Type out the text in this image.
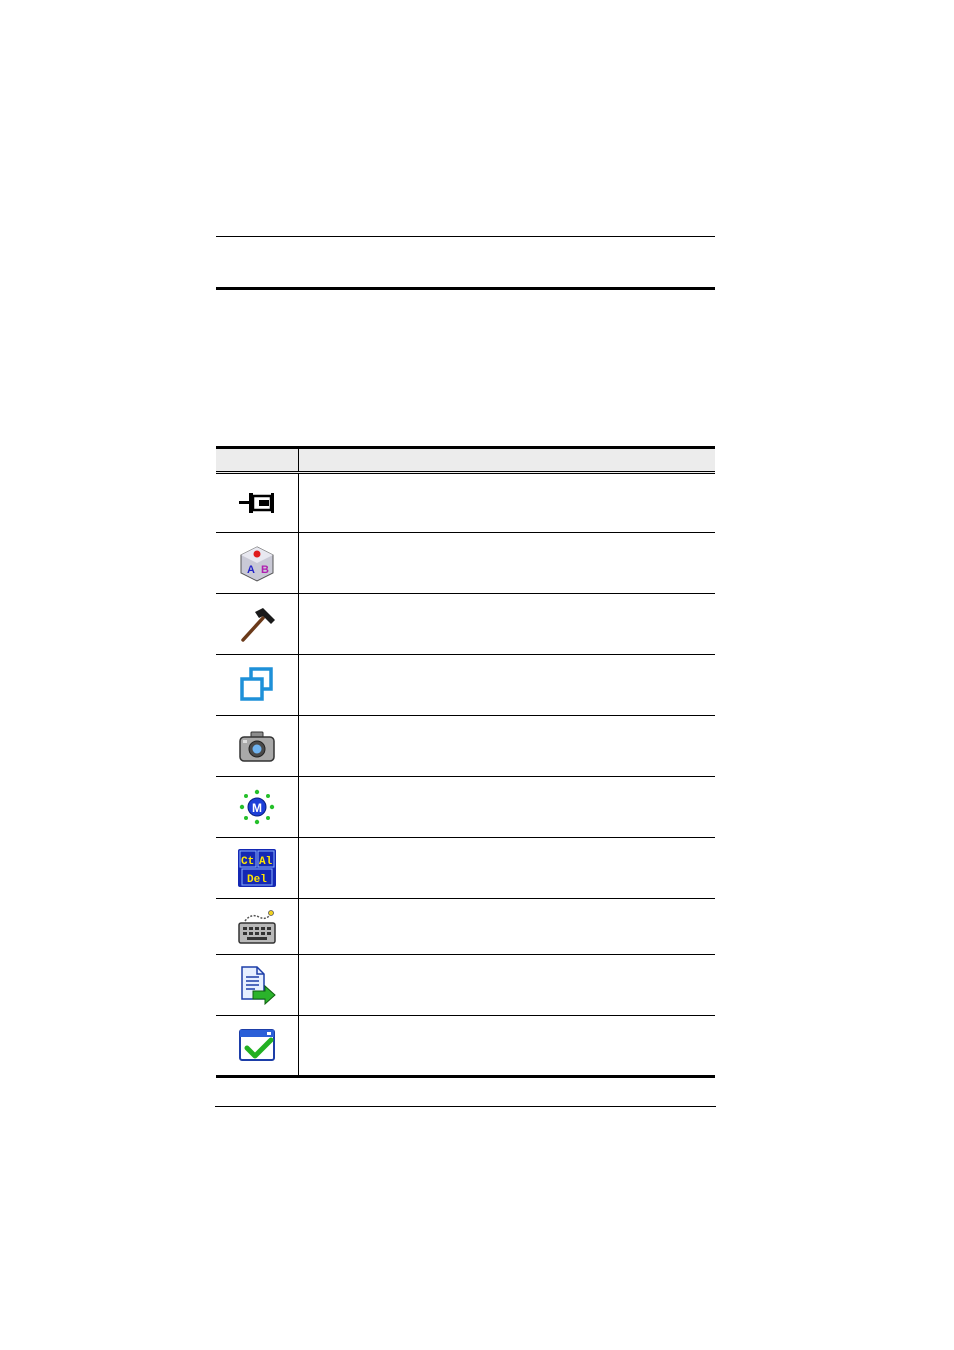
A B	

M	

Ct Al
Del	
